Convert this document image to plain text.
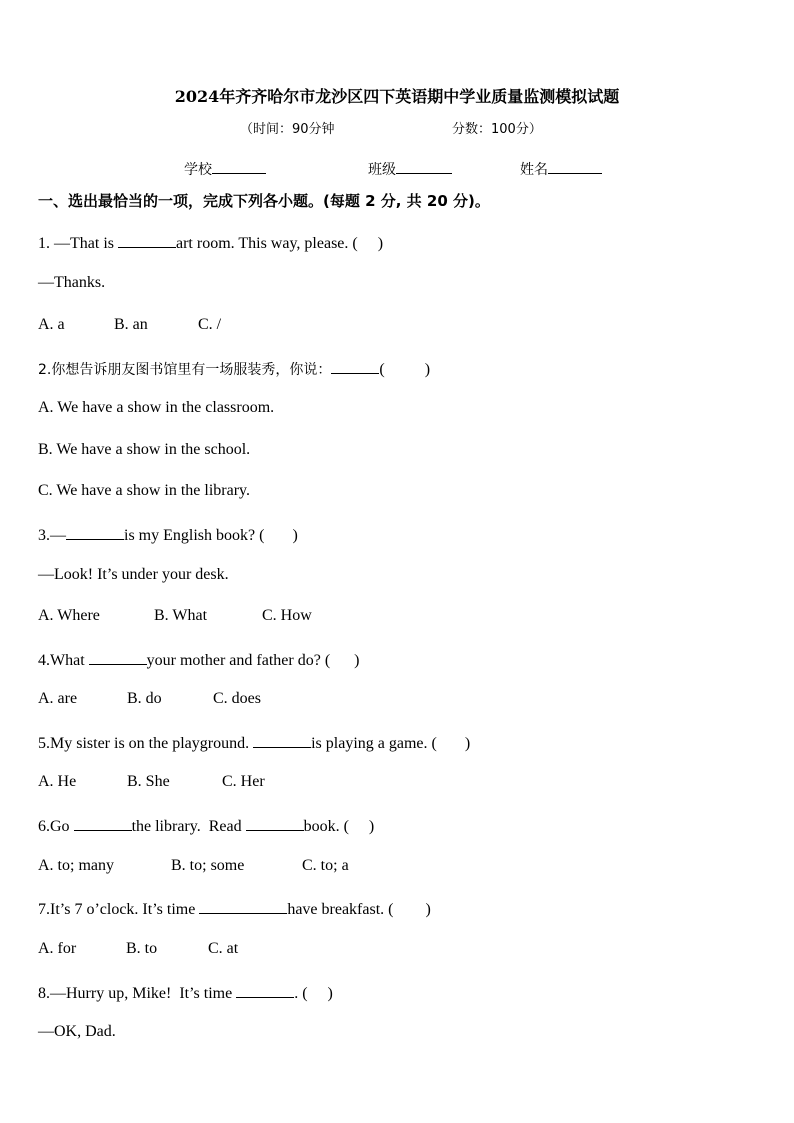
2024年齐齐哈尔市龙沙区四下英语期中学业质量监测模拟试题
（时间：90分钟	分数：100分）
学校	班级	姓名
一、选出最恰当的一项，完成下列各小题。(每题 2 分, 共 20 分)。
1. —That is	art room. This way, please. (     )
—Thanks.
A. a	B. an	C. /
2.你想告诉朋友图书馆里有一场服装秀，你说：	(          )
A. We have a show in the classroom.
B. We have a show in the school.
C. We have a show in the library.
3.—	is my English book? (       )
—Look! It’s under your desk.
A. Where	B. What	C. How
4.What	your mother and father do? (      )
A. are	B. do	C. does
5.My sister is on the playground.	is playing a game. (       )
A. He	B. She	C. Her
6.Go	the library.  Read	book. (     )
A. to; many	B. to; some	C. to; a
7.It’s 7 o’clock. It’s time	have breakfast. (        )
A. for	B. to	C. at
8.—Hurry up, Mike!  It’s time	. (     )
—OK, Dad.
